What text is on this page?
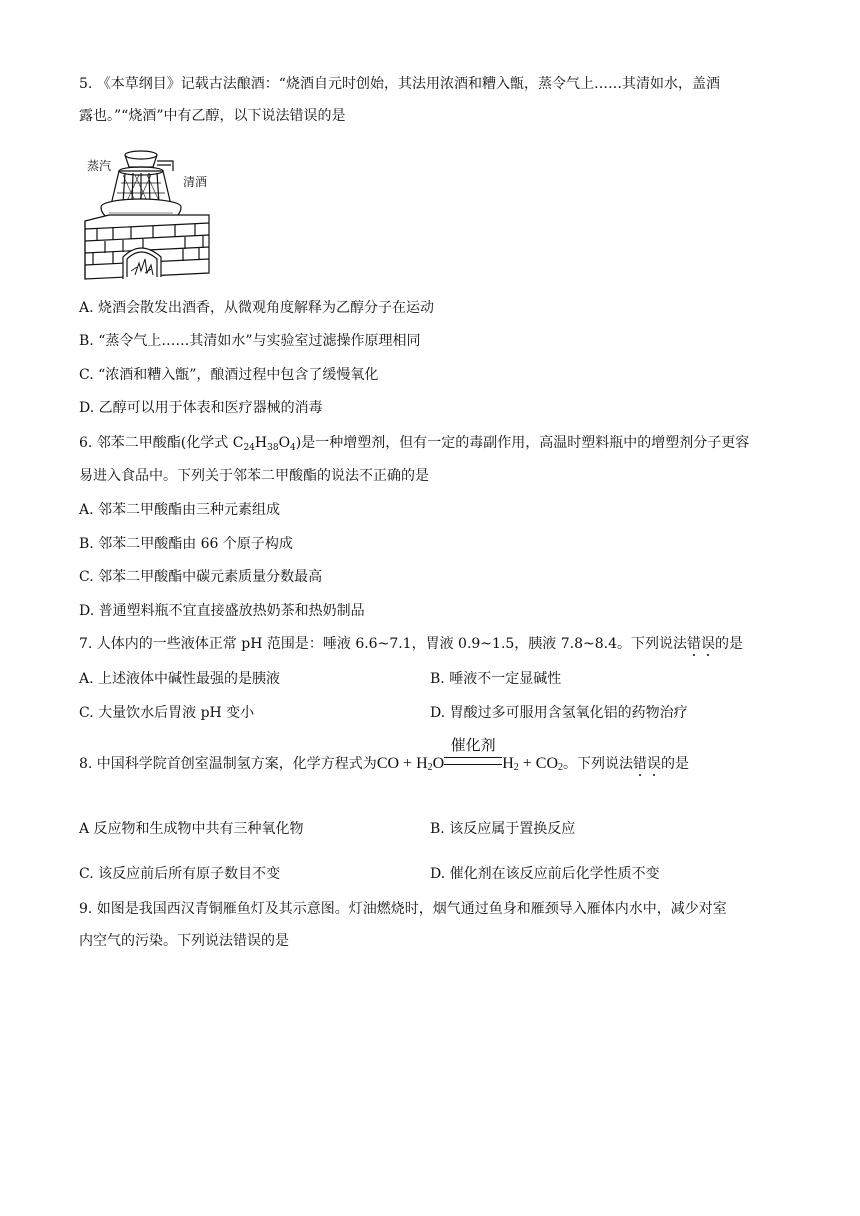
5. 《本草纲目》记载古法酿酒：“烧酒自元时创始，其法用浓酒和糟入甑，蒸令气上……其清如水，盖酒
露也。”“烧酒”中有乙醇，以下说法错误的是
蒸汽
清酒
A. 烧酒会散发出酒香，从微观角度解释为乙醇分子在运动
B. “蒸令气上……其清如水”与实验室过滤操作原理相同
C. “浓酒和糟入甑”，酿酒过程中包含了缓慢氧化
D. 乙醇可以用于体表和医疗器械的消毒
6. 邻苯二甲酸酯(化学式 $C_{24}H_{38}O_4$)是一种增塑剂，但有一定的毒副作用，高温时塑料瓶中的增塑剂分子更容
易进入食品中。下列关于邻苯二甲酸酯的说法不正确的是
A. 邻苯二甲酸酯由三种元素组成
B. 邻苯二甲酸酯由 66 个原子构成
C. 邻苯二甲酸酯中碳元素质量分数最高
D. 普通塑料瓶不宜直接盛放热奶茶和热奶制品
7. 人体内的一些液体正常 pH 范围是：唾液 6.6~7.1，胃液 0.9~1.5，胰液 7.8~8.4。下列说法错误的是
A. 上述液体中碱性最强的是胰液	B. 唾液不一定显碱性
C. 大量饮水后胃液 pH 变小	D. 胃酸过多可服用含氢氧化铝的药物治疗
8. 中国科学院首创室温制氢方案，化学方程式为CO + $H_2O$
催化剂
$H_2 + CO_2$。下列说法错误的是
A 反应物和生成物中共有三种氧化物	B. 该反应属于置换反应
C. 该反应前后所有原子数目不变	D. 催化剂在该反应前后化学性质不变
9. 如图是我国西汉青铜雁鱼灯及其示意图。灯油燃烧时，烟气通过鱼身和雁颈导入雁体内水中，减少对室
内空气的污染。下列说法错误的是
